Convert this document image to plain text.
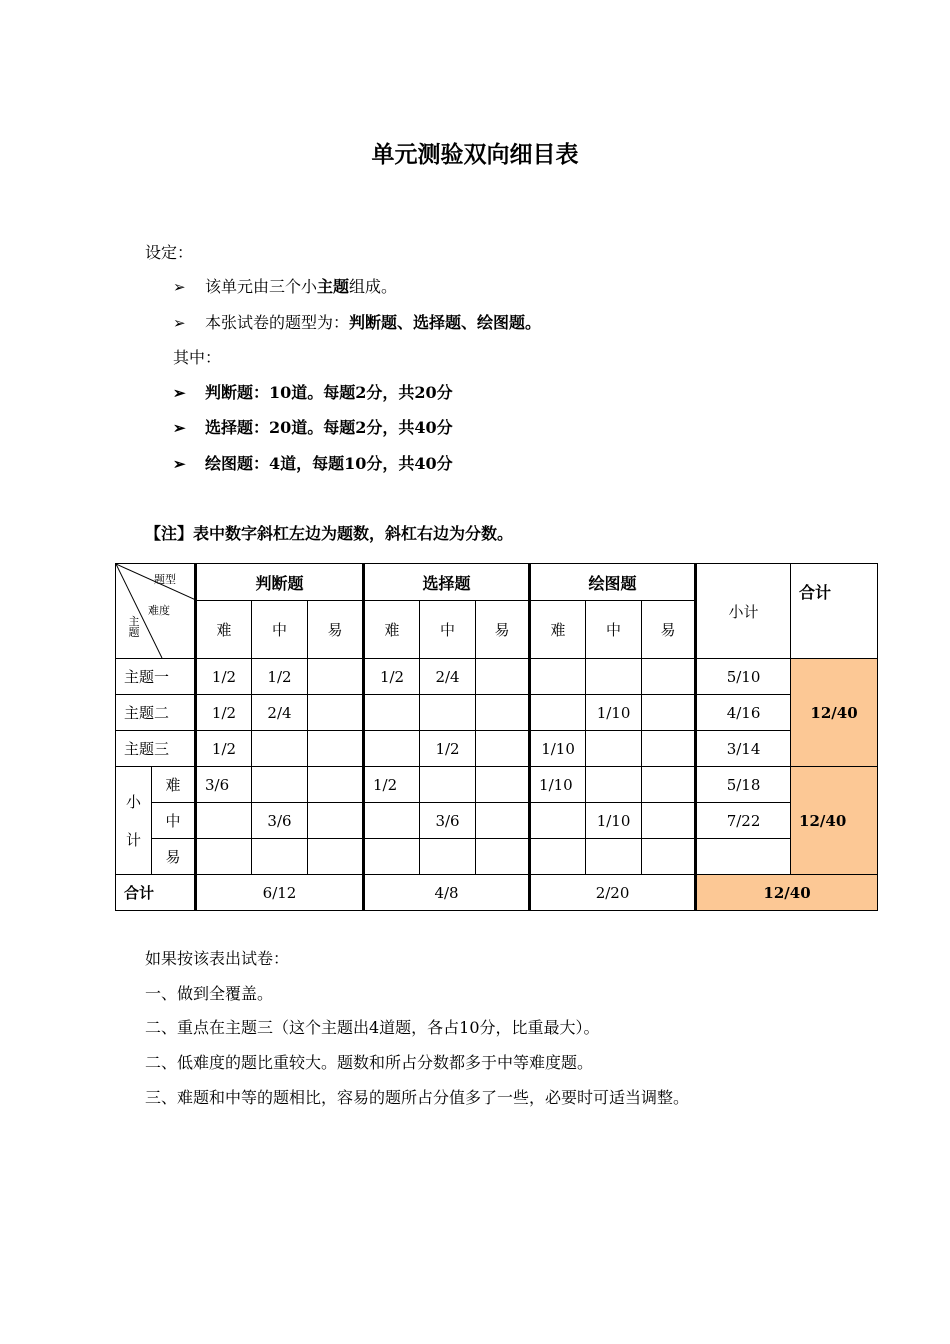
单元测验双向细目表
设定：
➢ 该单元由三个小主题组成。
➢ 本张试卷的题型为：判断题、选择题、绘图题。
其中：
➢ 判断题：10道。每题2分，共20分
➢ 选择题：20道。每题2分，共40分
➢ 绘图题：4道，每题10分，共40分
【注】表中数字斜杠左边为题数，斜杠右边为分数。
题型
难度
主题		判断题			选择题			绘图题			小计	合计
		难	中	易	难	中	易	难	中	易		
主题一		1/2	1/2		1/2	2/4					5/10	12/40
主题二		1/2	2/4						1/10		4/16	
主题三		1/2				1/2		1/10			3/14	
小
计	难	3/6			1/2			1/10			5/18	12/40
	中		3/6			3/6			1/10		7/22	
	易											
合计		6/12			4/8			2/20			12/40	
如果按该表出试卷：
一、做到全覆盖。
二、重点在主题三（这个主题出4道题，各占10分，比重最大）。
二、低难度的题比重较大。题数和所占分数都多于中等难度题。
三、难题和中等的题相比，容易的题所占分值多了一些，必要时可适当调整。
